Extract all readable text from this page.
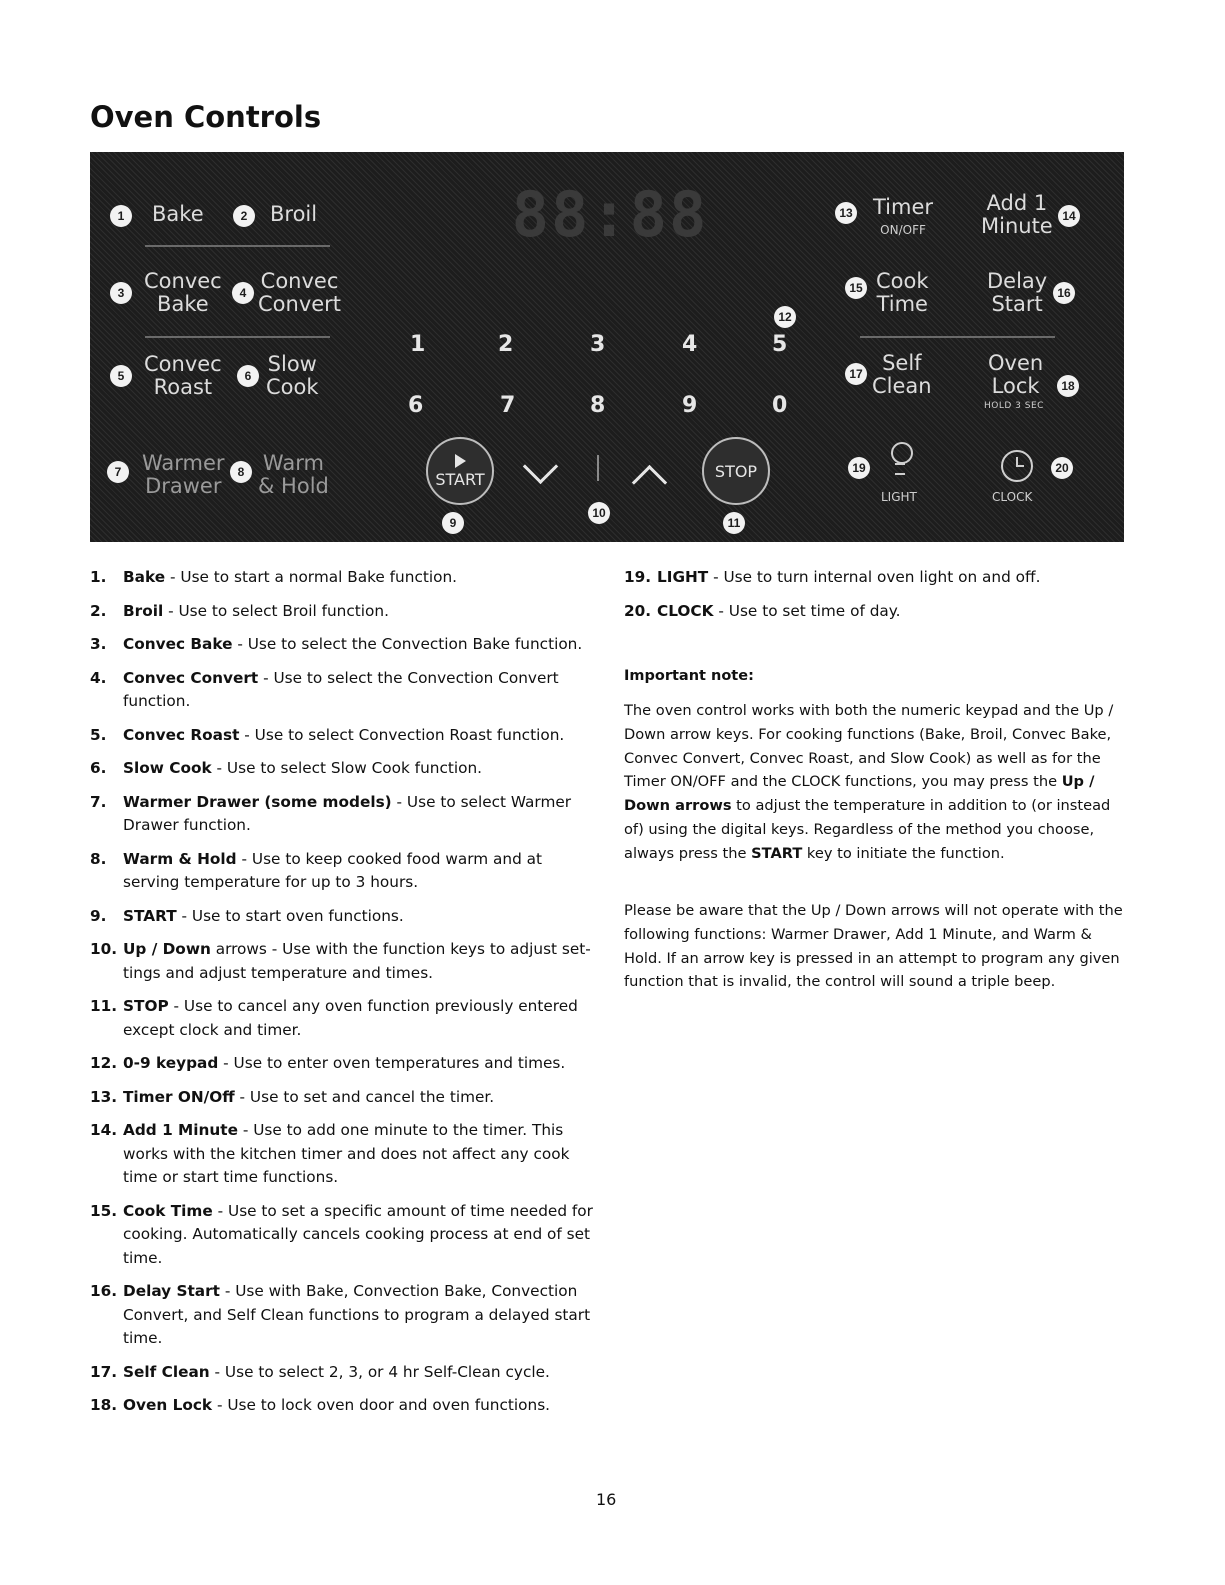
Oven Controls
1	Bake	2	Broil
3 Convec
Bake	4 Convec
Convert
5 Convec
Roast	6 Slow
Cook
7 Warmer
Drawer
8 Warm
& Hold
88:88
1	2	3	4	5
6	7	8	9	0
12
START
9
10
STOP
11
13 Timer
ON/OFF
Add 1
Minute 14
15 Cook
Time
Delay
Start	16
17 Self
Clean
Oven
Lock
HOLD 3 SEC
18
19
LIGHT
20
CLOCK
1. Bake - Use to start a normal Bake function.
2. Broil - Use to select Broil function.
3. Convec Bake - Use to select the Convection Bake function.
4. Convec Convert - Use to select the Convection Convert function.
5. Convec Roast - Use to select Convection Roast function.
6. Slow Cook - Use to select Slow Cook function.
7. Warmer Drawer (some models) - Use to select Warmer Drawer function.
8. Warm & Hold - Use to keep cooked food warm and at serving temperature for up to 3 hours.
9. START - Use to start oven functions.
10. Up / Down arrows - Use with the function keys to adjust set-tings and adjust temperature and times.
11. STOP - Use to cancel any oven function previously entered except clock and timer.
12. 0-9 keypad - Use to enter oven temperatures and times.
13. Timer ON/Off - Use to set and cancel the timer.
14. Add 1 Minute - Use to add one minute to the timer. This works with the kitchen timer and does not affect any cook time or start time functions.
15. Cook Time - Use to set a specific amount of time needed for cooking. Automatically cancels cooking process at end of set time.
16. Delay Start - Use with Bake, Convection Bake, Convection Convert, and Self Clean functions to program a delayed start time.
17. Self Clean - Use to select 2, 3, or 4 hr Self-Clean cycle.
18. Oven Lock - Use to lock oven door and oven functions.
19. LIGHT - Use to turn internal oven light on and off.
20. CLOCK - Use to set time of day.
Important note:

The oven control works with both the numeric keypad and the Up / Down arrow keys. For cooking functions (Bake, Broil, Convec Bake, Convec Convert, Convec Roast, and Slow Cook) as well as for the Timer ON/OFF and the CLOCK functions, you may press the Up / Down arrows to adjust the temperature in addition to (or instead of) using the digital keys. Regardless of the method you choose, always press the START key to initiate the function.

Please be aware that the Up / Down arrows will not operate with the following functions: Warmer Drawer, Add 1 Minute, and Warm & Hold. If an arrow key is pressed in an attempt to program any given function that is invalid, the control will sound a triple beep.

16
